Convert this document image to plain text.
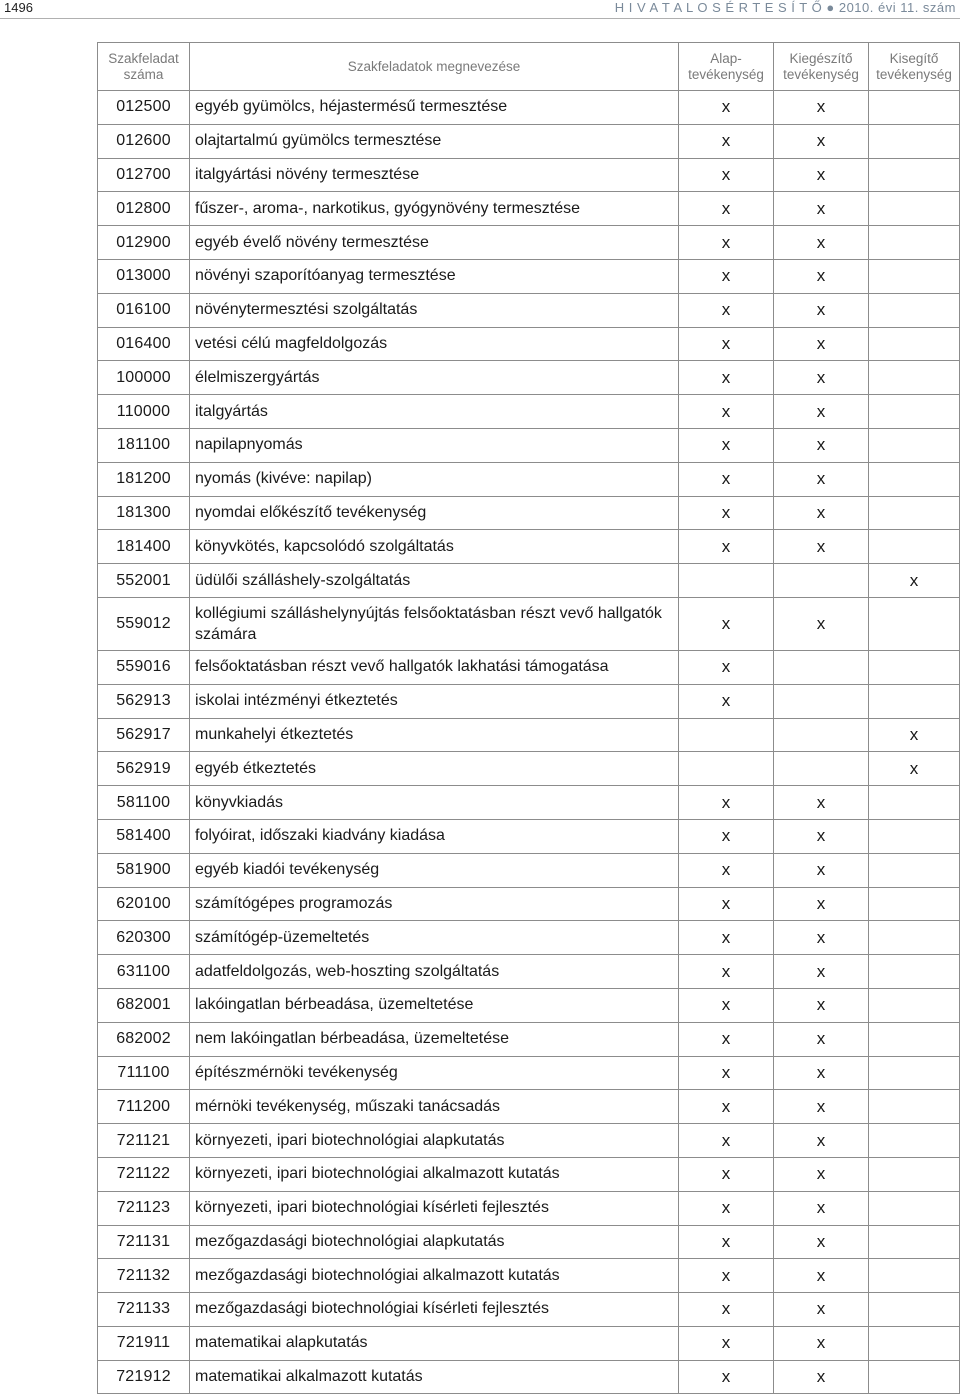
1496	H I V A T A L O S É R T E S Í T Ő ● 2010. évi 11. szám
Szakfeladat száma	Szakfeladatok megnevezése	Alap-tevékenység	Kiegészítő tevékenység	Kisegítő tevékenység
012500	egyéb gyümölcs, héjastermésű termesztése	x	x	
012600	olajtartalmú gyümölcs termesztése	x	x	
012700	italgyártási növény termesztése	x	x	
012800	fűszer-, aroma-, narkotikus, gyógynövény termesztése	x	x	
012900	egyéb évelő növény termesztése	x	x	
013000	növényi szaporítóanyag termesztése	x	x	
016100	növénytermesztési szolgáltatás	x	x	
016400	vetési célú magfeldolgozás	x	x	
100000	élelmiszergyártás	x	x	
110000	italgyártás	x	x	
181100	napilapnyomás	x	x	
181200	nyomás (kivéve: napilap)	x	x	
181300	nyomdai előkészítő tevékenység	x	x	
181400	könyvkötés, kapcsolódó szolgáltatás	x	x	
552001	üdülői szálláshely-szolgáltatás			x
559012	kollégiumi szálláshelynyújtás felsőoktatásban részt vevő hallgatók számára	x	x	
559016	felsőoktatásban részt vevő hallgatók lakhatási támogatása	x		
562913	iskolai intézményi étkeztetés	x		
562917	munkahelyi étkeztetés			x
562919	egyéb étkeztetés			x
581100	könyvkiadás	x	x	
581400	folyóirat, időszaki kiadvány kiadása	x	x	
581900	egyéb kiadói tevékenység	x	x	
620100	számítógépes programozás	x	x	
620300	számítógép-üzemeltetés	x	x	
631100	adatfeldolgozás, web-hoszting szolgáltatás	x	x	
682001	lakóingatlan bérbeadása, üzemeltetése	x	x	
682002	nem lakóingatlan bérbeadása, üzemeltetése	x	x	
711100	építészmérnöki tevékenység	x	x	
711200	mérnöki tevékenység, műszaki tanácsadás	x	x	
721121	környezeti, ipari biotechnológiai alapkutatás	x	x	
721122	környezeti, ipari biotechnológiai alkalmazott kutatás	x	x	
721123	környezeti, ipari biotechnológiai kísérleti fejlesztés	x	x	
721131	mezőgazdasági biotechnológiai alapkutatás	x	x	
721132	mezőgazdasági biotechnológiai alkalmazott kutatás	x	x	
721133	mezőgazdasági biotechnológiai kísérleti fejlesztés	x	x	
721911	matematikai alapkutatás	x	x	
721912	matematikai alkalmazott kutatás	x	x	
